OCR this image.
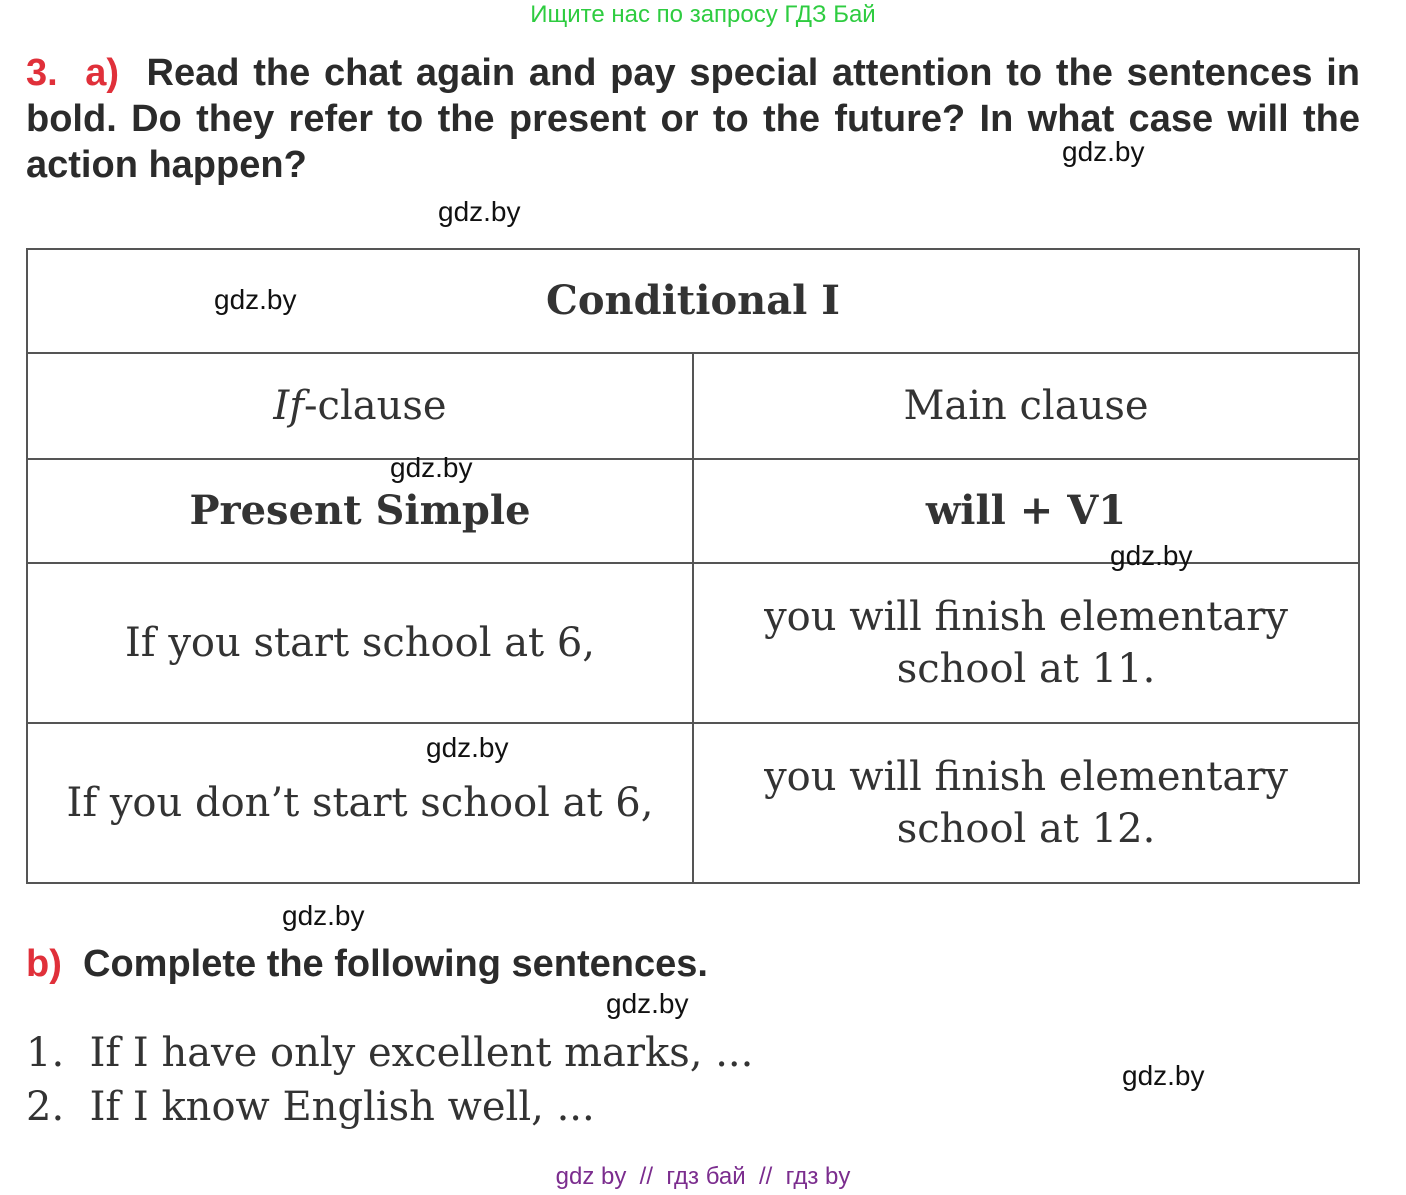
Ищите нас по запросу ГДЗ Бай
3. a) Read the chat again and pay special attention to the sentences in bold. Do they refer to the present or to the future? In what case will the action happen?
Conditional I	
If-clause	Main clause
Present Simple	will + V1
If you start school at 6,	you will finish elementary school at 11.
If you don’t start school at 6,	you will finish elementary school at 12.
b) Complete the following sentences.
1. If I have only excellent marks, ...
2. If I know English well, ...
gdz.by
gdz.by
gdz.by
gdz.by
gdz.by
gdz.by
gdz.by
gdz.by
gdz.by
gdz by  //  гдз бай  //  гдз by
